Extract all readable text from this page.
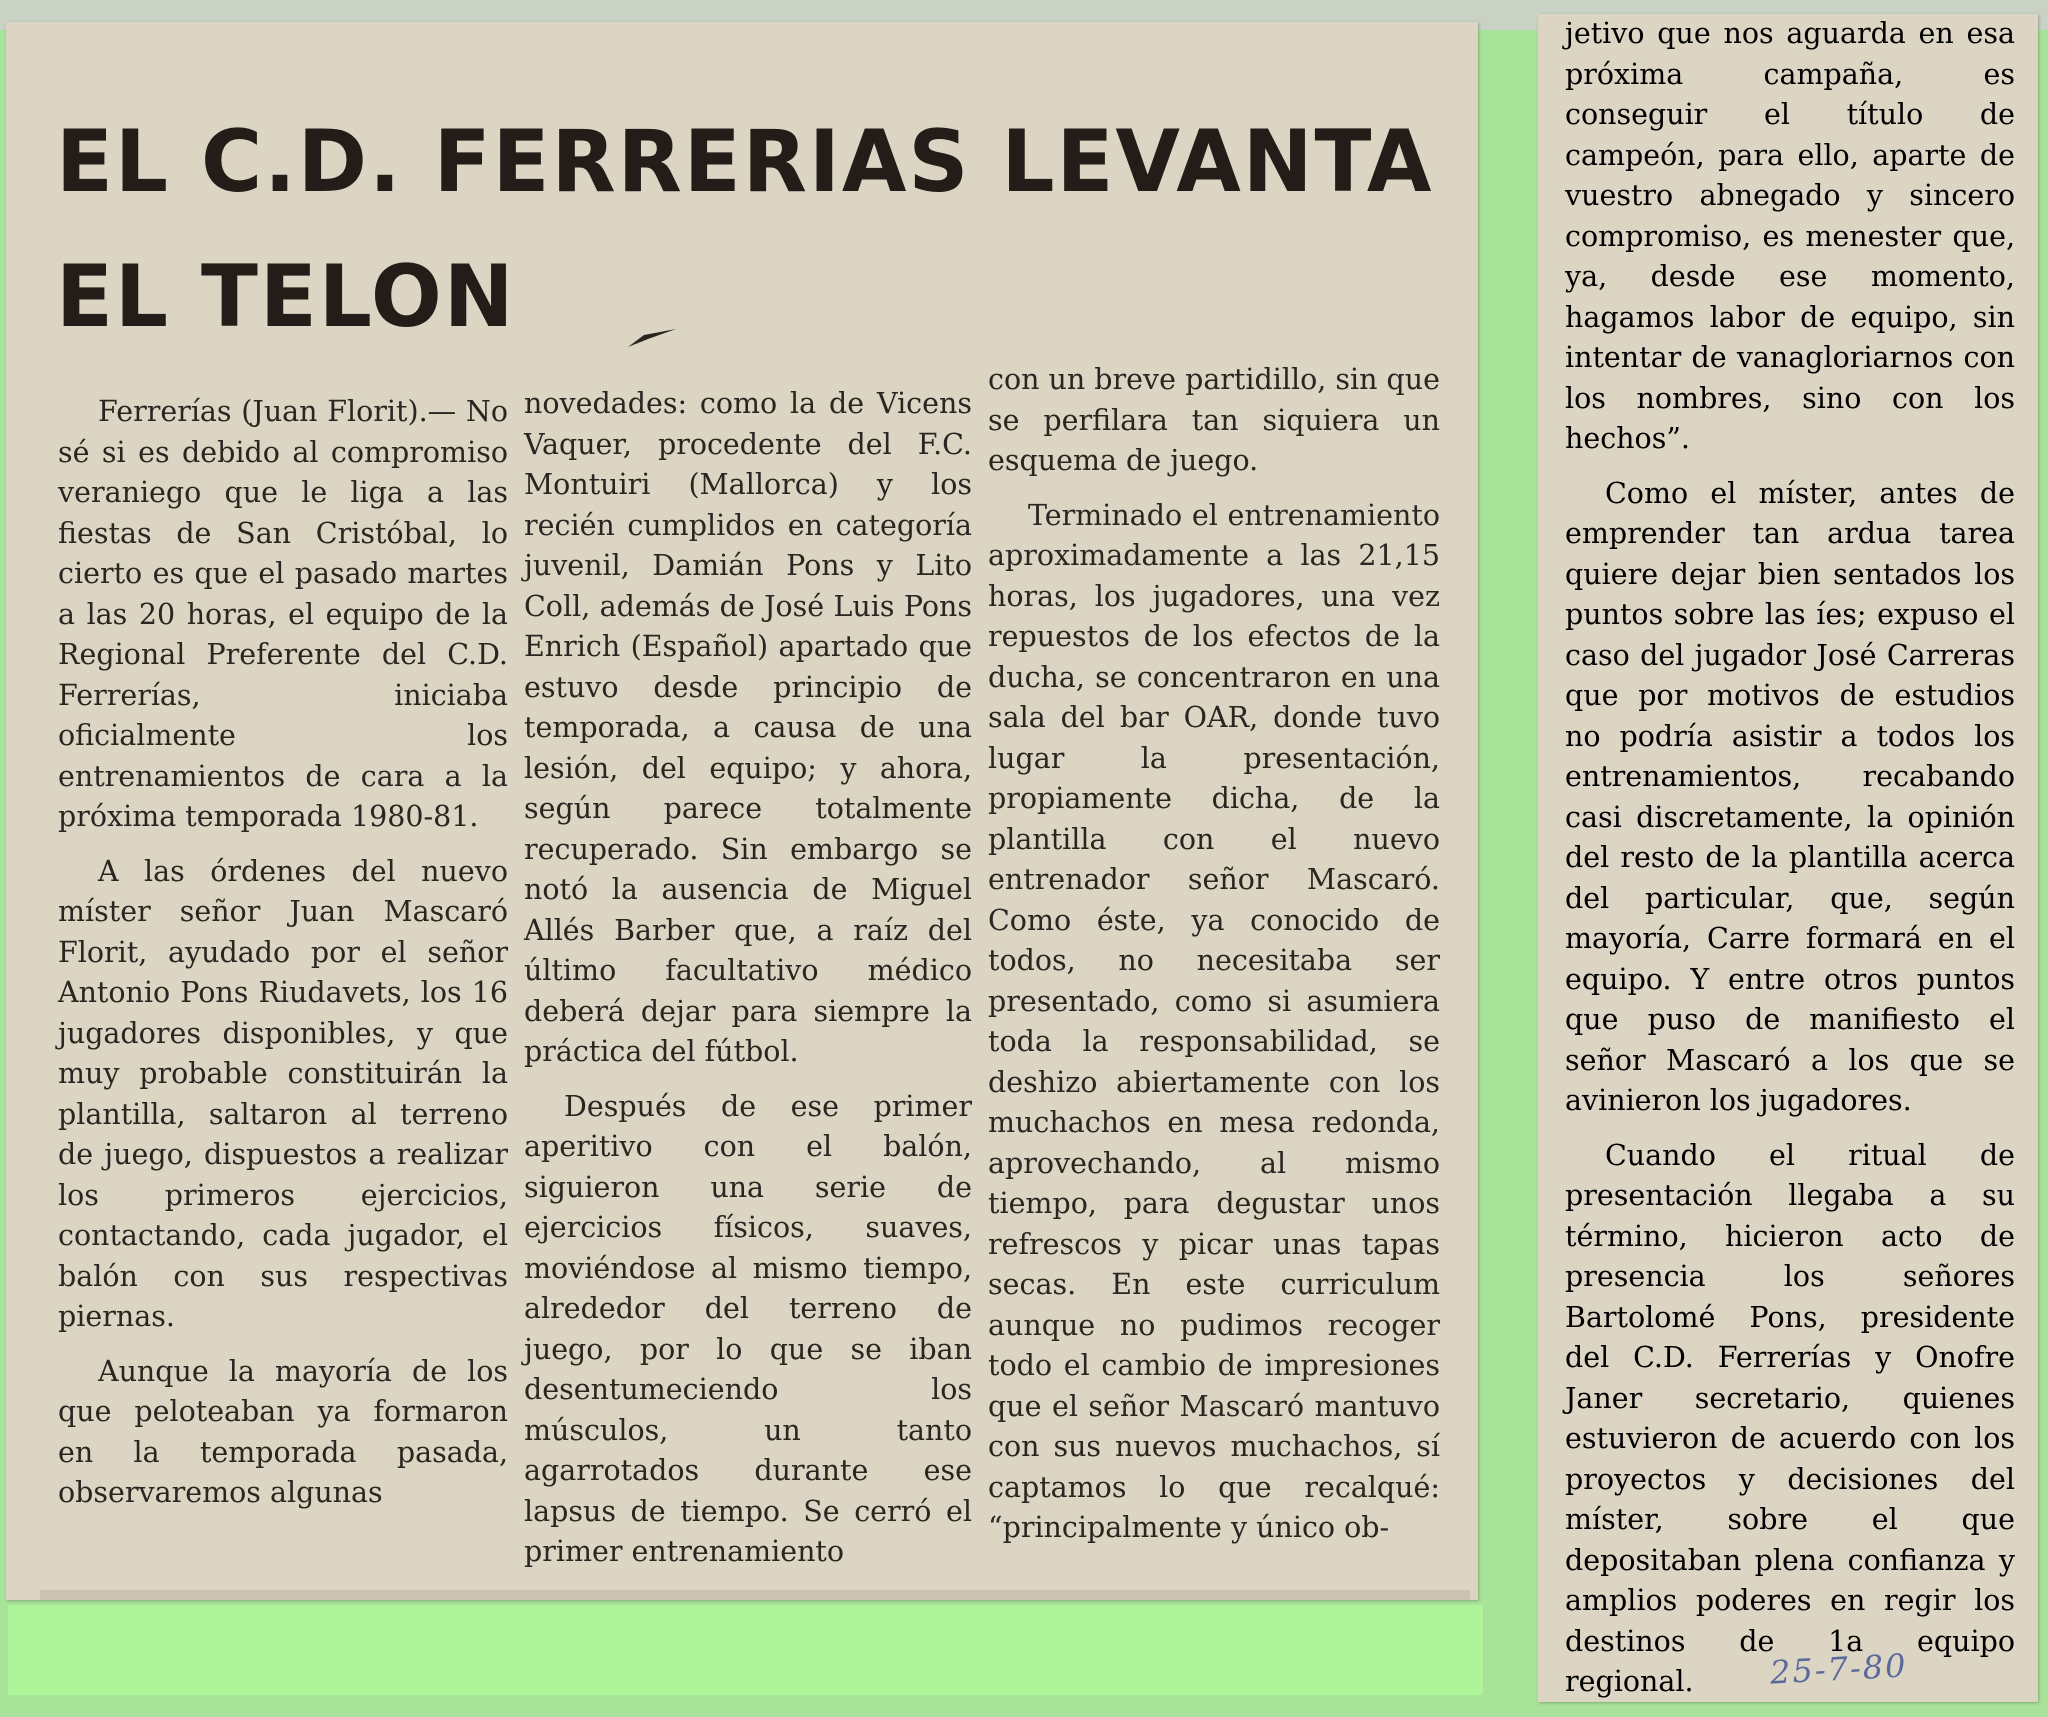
EL C.D. FERRERIAS LEVANTA
EL TELON

Ferrerías (Juan Florit).— No sé si es debido al compromiso veraniego que le liga a las fiestas de San Cristóbal, lo cierto es que el pasado martes a las 20 horas, el equipo de la Regional Preferente del C.D. Ferrerías, iniciaba oficialmente los entrenamientos de cara a la próxima temporada 1980-81.

A las órdenes del nuevo míster señor Juan Mascaró Florit, ayudado por el señor Antonio Pons Riudavets, los 16 jugadores disponibles, y que muy probable constituirán la plantilla, saltaron al terreno de juego, dispuestos a realizar los primeros ejercicios, contactando, cada jugador, el balón con sus respectivas piernas.

Aunque la mayoría de los que peloteaban ya formaron en la temporada pasada, observaremos algunas

novedades: como la de Vicens Vaquer, procedente del F.C. Montuiri (Mallorca) y los recién cumplidos en categoría juvenil, Damián Pons y Lito Coll, además de José Luis Pons Enrich (Español) apartado que estuvo desde principio de temporada, a causa de una lesión, del equipo; y ahora, según parece totalmente recuperado. Sin embargo se notó la ausencia de Miguel Allés Barber que, a raíz del último facultativo médico deberá dejar para siempre la práctica del fútbol.

Después de ese primer aperitivo con el balón, siguieron una serie de ejercicios físicos, suaves, moviéndose al mismo tiempo, alrededor del terreno de juego, por lo que se iban desentumeciendo los músculos, un tanto agarrotados durante ese lapsus de tiempo. Se cerró el primer entrenamiento

con un breve partidillo, sin que se perfilara tan siquiera un esquema de juego.

Terminado el entrenamiento aproximadamente a las 21,15 horas, los jugadores, una vez repuestos de los efectos de la ducha, se concentraron en una sala del bar OAR, donde tuvo lugar la presentación, propiamente dicha, de la plantilla con el nuevo entrenador señor Mascaró. Como éste, ya conocido de todos, no necesitaba ser presentado, como si asumiera toda la responsabilidad, se deshizo abiertamente con los muchachos en mesa redonda, aprovechando, al mismo tiempo, para degustar unos refrescos y picar unas tapas secas. En este curriculum aunque no pudimos recoger todo el cambio de impresiones que el señor Mascaró mantuvo con sus nuevos muchachos, sí captamos lo que recalqué: “principalmente y único ob-

jetivo que nos aguarda en esa próxima campaña, es conseguir el título de campeón, para ello, aparte de vuestro abnegado y sincero compromiso, es menester que, ya, desde ese momento, hagamos labor de equipo, sin intentar de vanagloriarnos con los nombres, sino con los hechos”.

Como el míster, antes de emprender tan ardua tarea quiere dejar bien sentados los puntos sobre las íes; expuso el caso del jugador José Carreras que por motivos de estudios no podría asistir a todos los entrenamientos, recabando casi discretamente, la opinión del resto de la plantilla acerca del particular, que, según mayoría, Carre formará en el equipo. Y entre otros puntos que puso de manifiesto el señor Mascaró a los que se avinieron los jugadores.

Cuando el ritual de presentación llegaba a su término, hicieron acto de presencia los señores Bartolomé Pons, presidente del C.D. Ferrerías y Onofre Janer secretario, quienes estuvieron de acuerdo con los proyectos y decisiones del míster, sobre el que depositaban plena confianza y amplios poderes en regir los destinos de 1a equipo regional.	25-7-80
